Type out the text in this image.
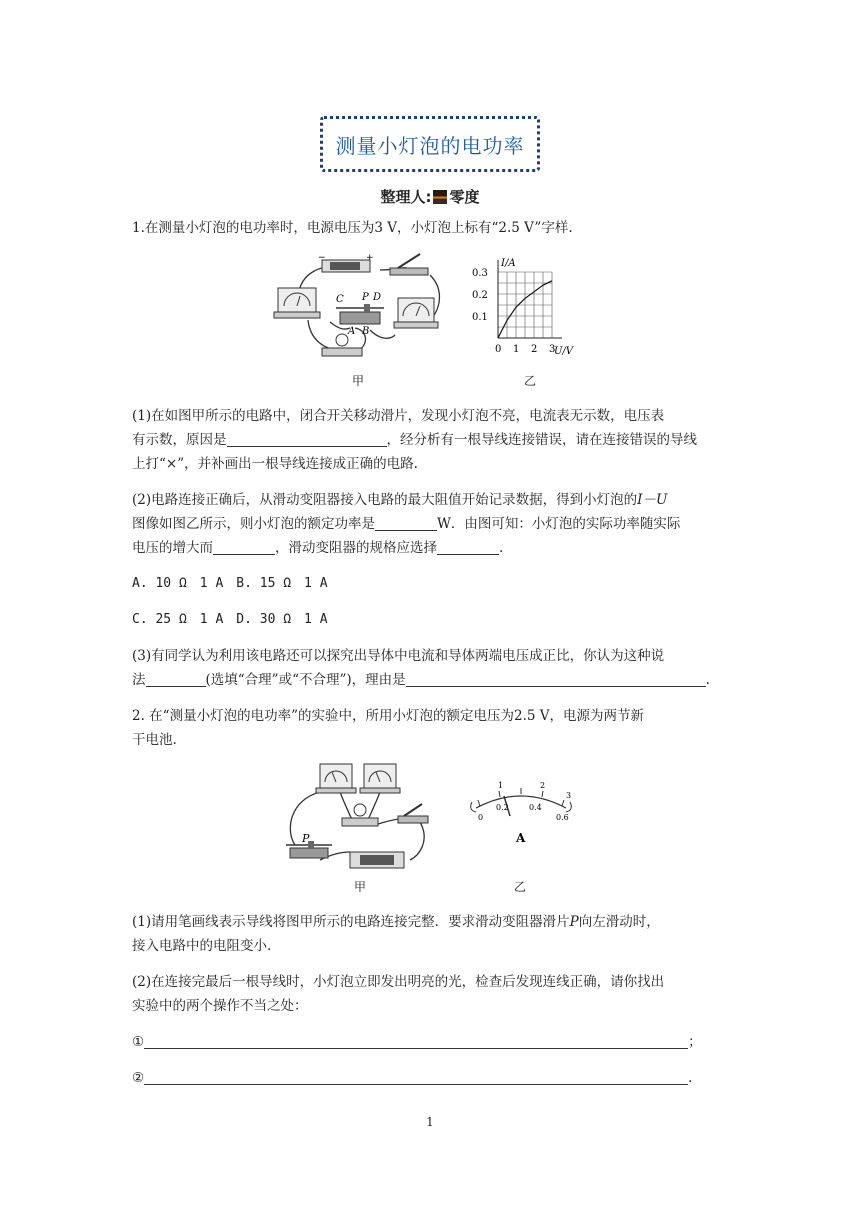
测量小灯泡的电功率
整理人: 零度

1.在测量小灯泡的电功率时，电源电压为3 V，小灯泡上标有“2.5 V”字样.

−	+
C P D
A B
甲
0 1 2 3
0.1
0.2
0.3
U/V
I/A
乙

(1)在如图甲所示的电路中，闭合开关移动滑片，发现小灯泡不亮，电流表无示数，电压表

有示数，原因是	，经分析有一根导线连接错误，请在连接错误的导线

上打“×”，并补画出一根导线连接成正确的电路.

(2)电路连接正确后，从滑动变阻器接入电路的最大阻值开始记录数据，得到小灯泡的I－U

图像如图乙所示，则小灯泡的额定功率是	W．由图可知：小灯泡的实际功率随实际

电压的增大而	，滑动变阻器的规格应选择	.

A. 10 Ω　1 A　B. 15 Ω　1 A

C. 25 Ω　1 A　D. 30 Ω　1 A

(3)有同学认为利用该电路还可以探究出导体中电流和导体两端电压成正比，你认为这种说

法	(选填“合理”或“不合理”)，理由是	.

2. 在“测量小灯泡的电功率”的实验中，所用小灯泡的额定电压为2.5 V，电源为两节新

干电池.

P
甲
0
0.2	0.4
0.6
1	2
3
A
乙

(1)请用笔画线表示导线将图甲所示的电路连接完整．要求滑动变阻器滑片P向左滑动时，

接入电路中的电阻变小.

(2)在连接完最后一根导线时，小灯泡立即发出明亮的光，检查后发现连线正确，请你找出

实验中的两个操作不当之处：

①	；

②	.

1
